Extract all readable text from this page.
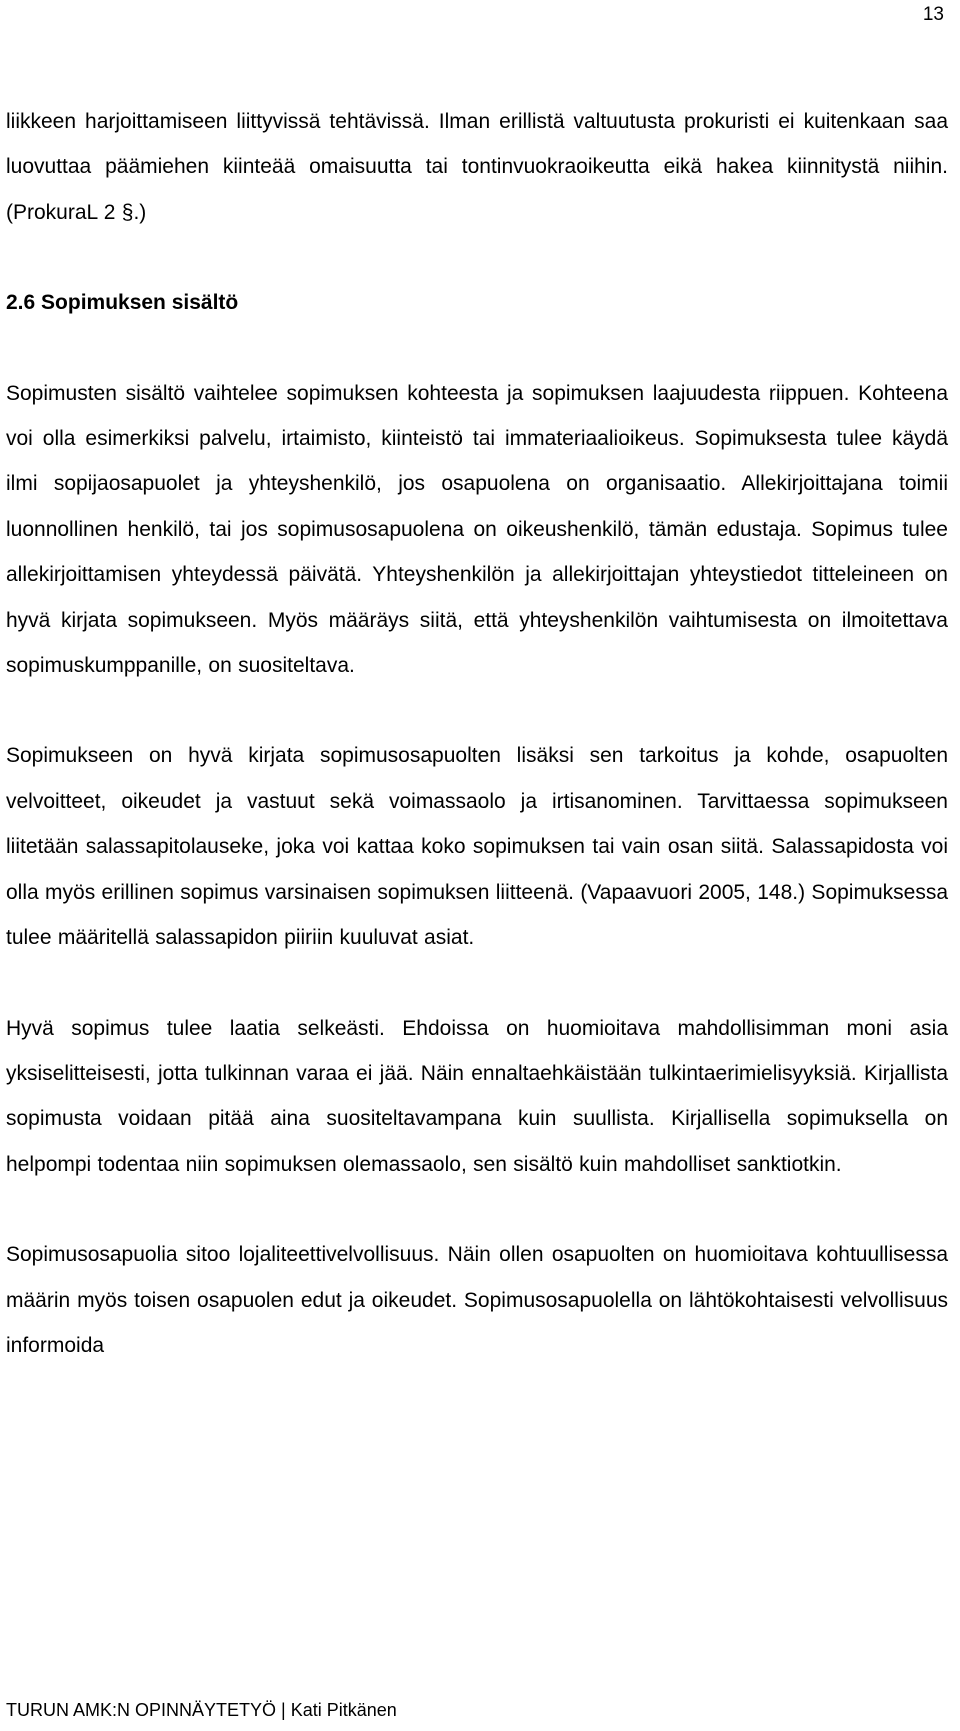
13

liikkeen harjoittamiseen liittyvissä tehtävissä. Ilman erillistä valtuutusta prokuristi ei kuitenkaan saa luovuttaa päämiehen kiinteää omaisuutta tai tontinvuokraoikeutta eikä hakea kiinnitystä niihin. (ProkuraL 2 §.)

2.6 Sopimuksen sisältö

Sopimusten sisältö vaihtelee sopimuksen kohteesta ja sopimuksen laajuudesta riippuen. Kohteena voi olla esimerkiksi palvelu, irtaimisto, kiinteistö tai immateriaalioikeus. Sopimuksesta tulee käydä ilmi sopijaosapuolet ja yhteyshenkilö, jos osapuolena on organisaatio. Allekirjoittajana toimii luonnollinen henkilö, tai jos sopimusosapuolena on oikeushenkilö, tämän edustaja. Sopimus tulee allekirjoittamisen yhteydessä päivätä. Yhteyshenkilön ja allekirjoittajan yhteystiedot titteleineen on hyvä kirjata sopimukseen. Myös määräys siitä, että yhteyshenkilön vaihtumisesta on ilmoitettava sopimuskumppanille, on suositeltava.

Sopimukseen on hyvä kirjata sopimusosapuolten lisäksi sen tarkoitus ja kohde, osapuolten velvoitteet, oikeudet ja vastuut sekä voimassaolo ja irtisanominen. Tarvittaessa sopimukseen liitetään salassapitolauseke, joka voi kattaa koko sopimuksen tai vain osan siitä. Salassapidosta voi olla myös erillinen sopimus varsinaisen sopimuksen liitteenä. (Vapaavuori 2005, 148.) Sopimuksessa tulee määritellä salassapidon piiriin kuuluvat asiat.

Hyvä sopimus tulee laatia selkeästi. Ehdoissa on huomioitava mahdollisimman moni asia yksiselitteisesti, jotta tulkinnan varaa ei jää. Näin ennaltaehkäistään tulkintaerimielisyyksiä. Kirjallista sopimusta voidaan pitää aina suositeltavampana kuin suullista. Kirjallisella sopimuksella on helpompi todentaa niin sopimuksen olemassaolo, sen sisältö kuin mahdolliset sanktiotkin.

Sopimusosapuolia sitoo lojaliteettivelvollisuus. Näin ollen osapuolten on huomioitava kohtuullisessa määrin myös toisen osapuolen edut ja oikeudet. Sopimusosapuolella on lähtökohtaisesti velvollisuus informoida

TURUN AMK:N OPINNÄYTETYÖ | Kati Pitkänen
